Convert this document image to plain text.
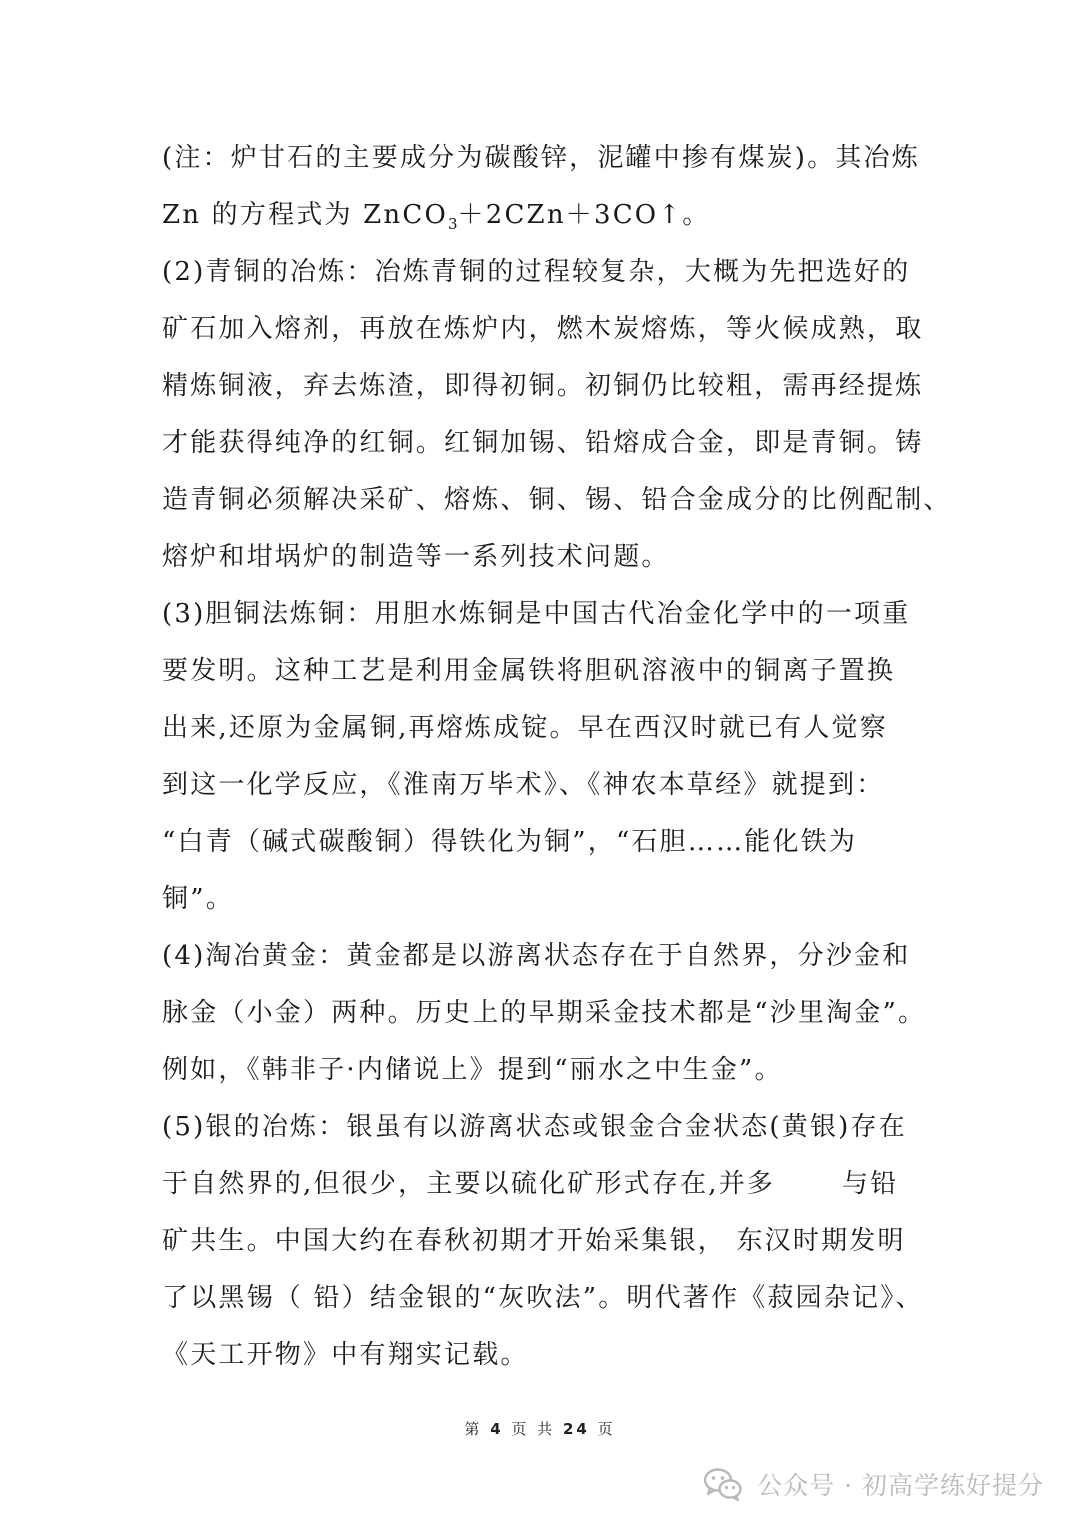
(注：炉甘石的主要成分为碳酸锌，泥罐中掺有煤炭)。其冶炼
Zn 的方程式为 ZnCO$_3$＋2CZn＋3CO↑。
(2)青铜的冶炼：冶炼青铜的过程较复杂，大概为先把选好的
矿石加入熔剂，再放在炼炉内，燃木炭熔炼，等火候成熟，取
精炼铜液，弃去炼渣，即得初铜。初铜仍比较粗，需再经提炼
才能获得纯净的红铜。红铜加锡、铅熔成合金，即是青铜。铸
造青铜必须解决采矿、熔炼、铜、锡、铅合金成分的比例配制、
熔炉和坩埚炉的制造等一系列技术问题。
(3)胆铜法炼铜：用胆水炼铜是中国古代冶金化学中的一项重
要发明。这种工艺是利用金属铁将胆矾溶液中的铜离子置换
出来,还原为金属铜,再熔炼成锭。早在西汉时就已有人觉察
到这一化学反应，《淮南万毕术》、《神农本草经》就提到：
“白青（碱式碳酸铜）得铁化为铜”，“石胆……能化铁为
铜”。
(4)淘冶黄金：黄金都是以游离状态存在于自然界，分沙金和
脉金（小金）两种。历史上的早期采金技术都是“沙里淘金”。
例如，《韩非子·内储说上》提到“丽水之中生金”。
(5)银的冶炼：银虽有以游离状态或银金合金状态(黄银)存在
于自然界的,但很少，主要以硫化矿形式存在,并多　　 与铅
矿共生。中国大约在春秋初期才开始采集银， 东汉时期发明
了以黑锡（ 铅）结金银的“灰吹法”。明代著作《菽园杂记》、
《天工开物》中有翔实记载。
第 4 页 共 24 页
公众号 · 初高学练好提分
